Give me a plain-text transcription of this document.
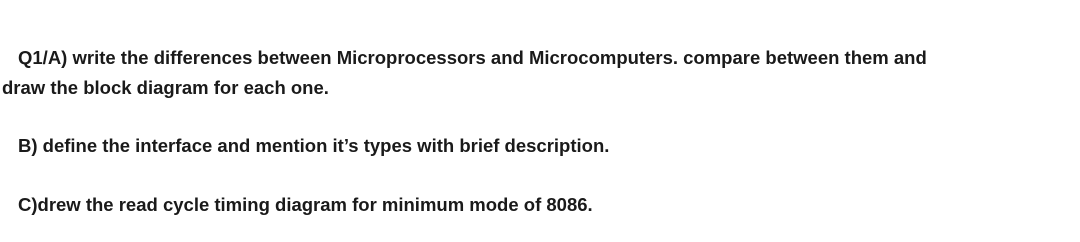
Q1/A) write the differences between Microprocessors and Microcomputers. compare between them and

draw the block diagram for each one.

B) define the interface and mention it’s types with brief description.

C)drew the read cycle timing diagram for minimum mode of 8086.
